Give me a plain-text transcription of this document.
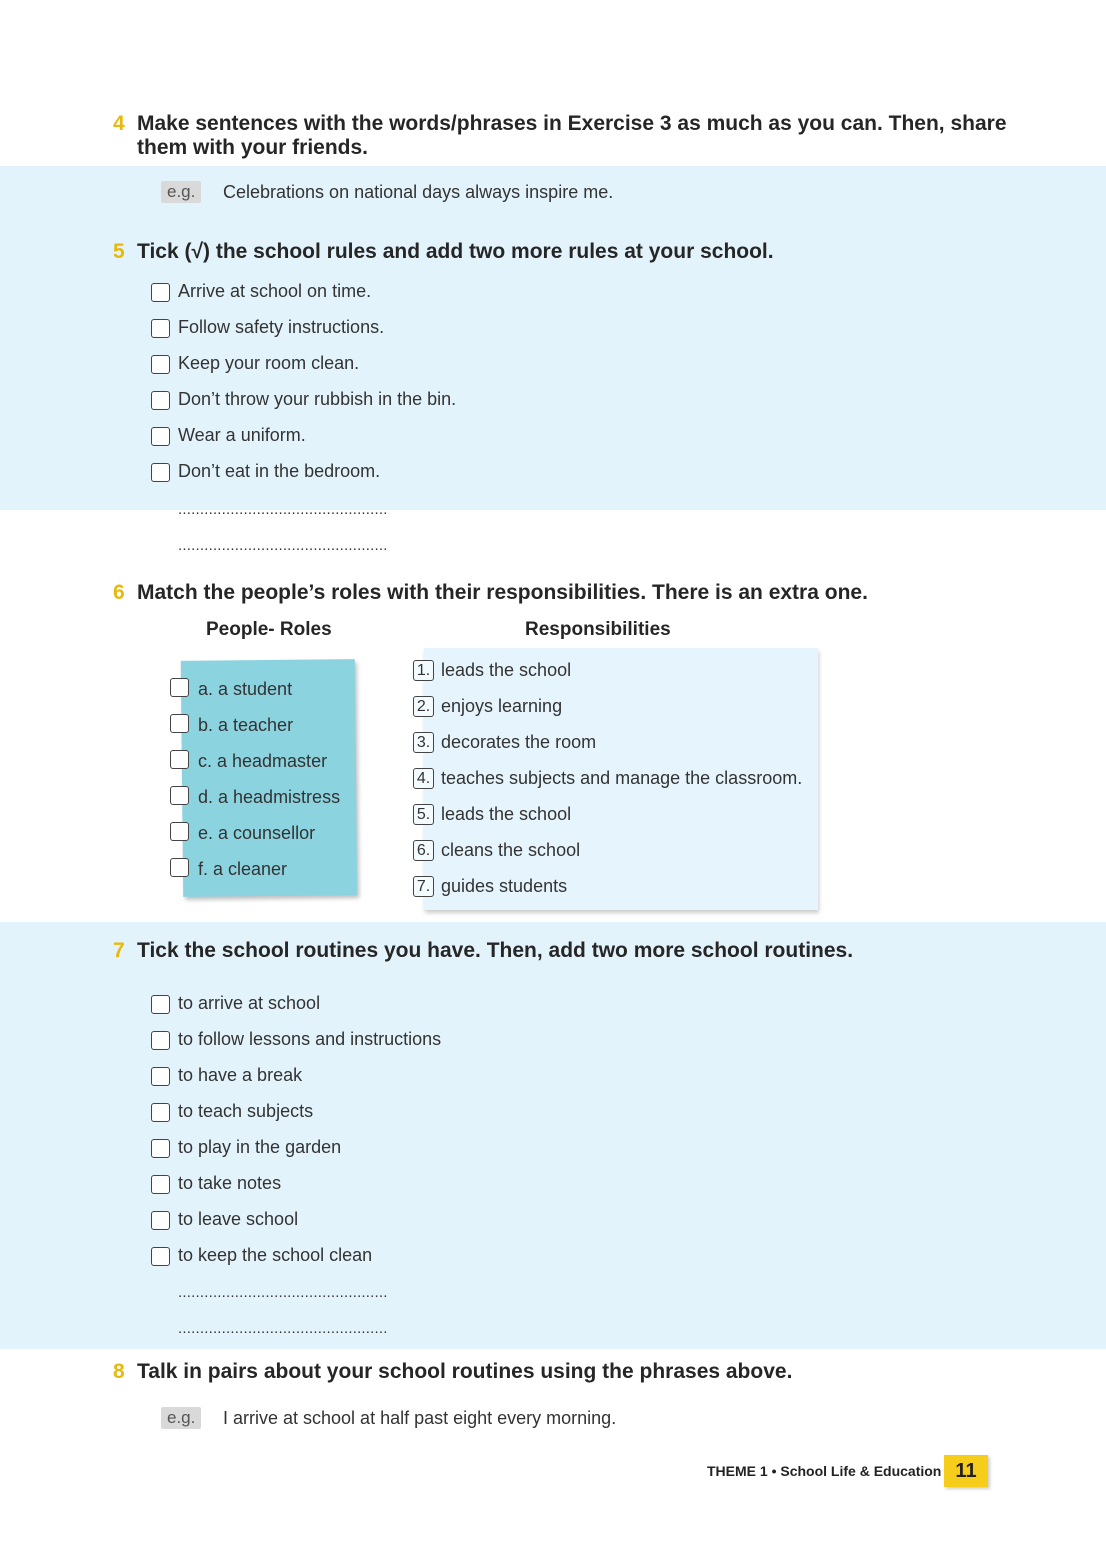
4 Make sentences with the words/phrases in Exercise 3 as much as you can. Then, share
them with your friends.
e.g.	Celebrations on national days always inspire me.
5 Tick (√) the school rules and add two more rules at your school.
Arrive at school on time.
Follow safety instructions.
Keep your room clean.
Don’t throw your rubbish in the bin.
Wear a uniform.
Don’t eat in the bedroom.
................................................
................................................
6 Match the people’s roles with their responsibilities. There is an extra one.
People- Roles	Responsibilities
a. a student
b. a teacher
c. a headmaster
d. a headmistress
e. a counsellor
f. a cleaner
1. leads the school
2. enjoys learning
3. decorates the room
4. teaches subjects and manage the classroom.
5. leads the school
6. cleans the school
7. guides students
7 Tick the school routines you have. Then, add two more school routines.
to arrive at school
to follow lessons and instructions
to have a break
to teach subjects
to play in the garden
to take notes
to leave school
to keep the school clean
................................................
................................................
8 Talk in pairs about your school routines using the phrases above.
e.g.	I arrive at school at half past eight every morning.
THEME 1 • School Life & Education 11
